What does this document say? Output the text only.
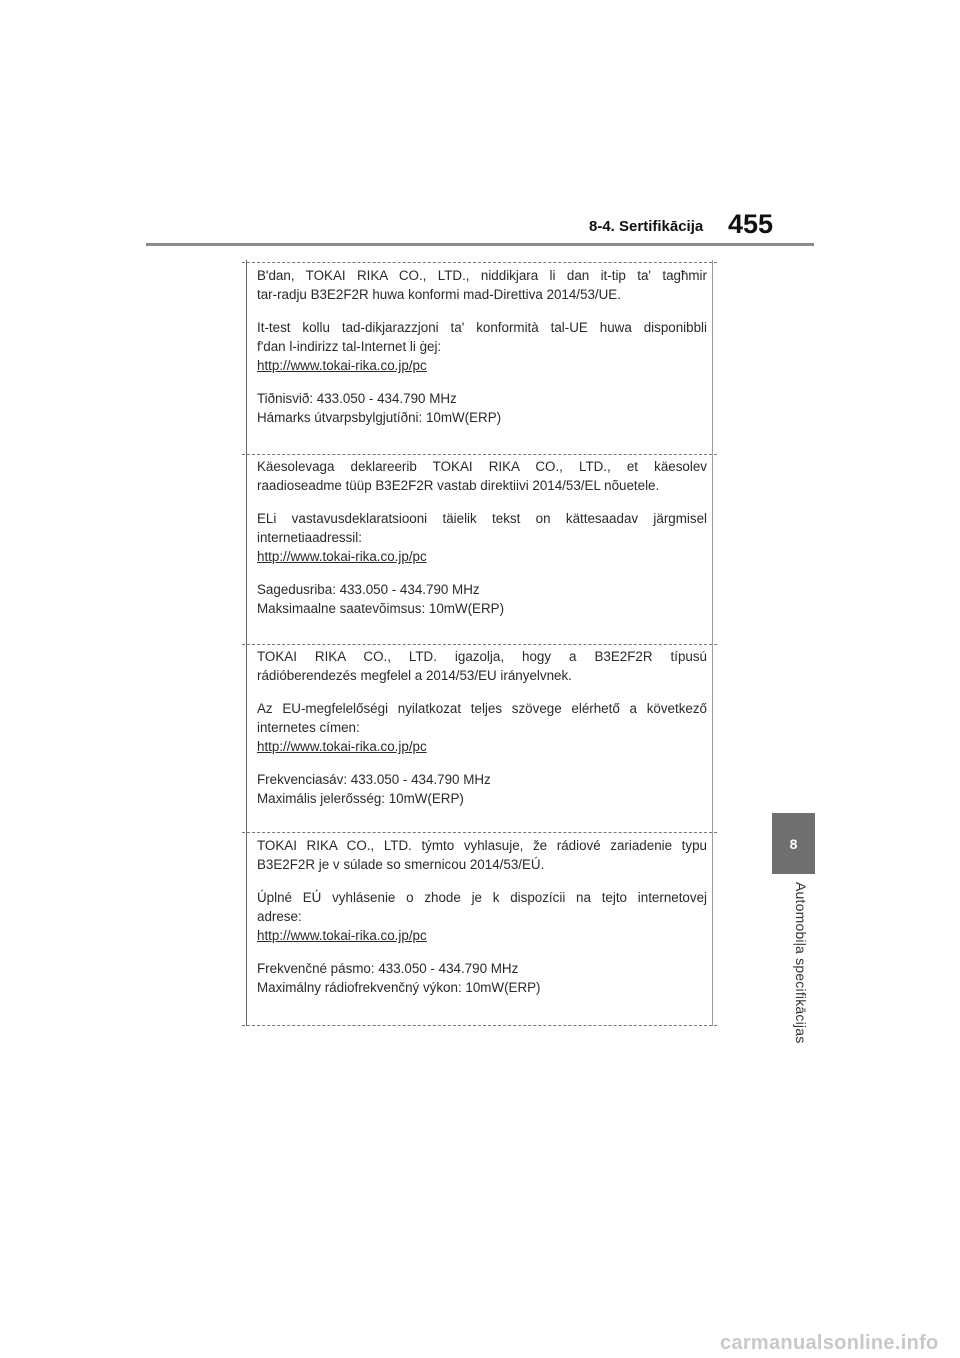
8-4. Sertifikācija 455
8
Automobiļa specifikācijas

B'dan, TOKAI RIKA CO., LTD., niddikjara li dan it-tip ta' tagħmir

tar-radju B3E2F2R huwa konformi mad-Direttiva 2014/53/UE.

It-test kollu tad-dikjarazzjoni ta' konformità tal-UE huwa disponibbli

f'dan l-indirizz tal-Internet li ġej:

http://www.tokai-rika.co.jp/pc

Tiðnisvið: 433.050 - 434.790 MHz

Hámarks útvarpsbylgjutíðni: 10mW(ERP)

Käesolevaga deklareerib TOKAI RIKA CO., LTD., et käesolev

raadioseadme tüüp B3E2F2R vastab direktiivi 2014/53/EL nõuetele.

ELi vastavusdeklaratsiooni täielik tekst on kättesaadav järgmisel

internetiaadressil:

http://www.tokai-rika.co.jp/pc

Sagedusriba: 433.050 - 434.790 MHz

Maksimaalne saatevõimsus: 10mW(ERP)

TOKAI RIKA CO., LTD. igazolja, hogy a B3E2F2R típusú

rádióberendezés megfelel a 2014/53/EU irányelvnek.

Az EU-megfelelőségi nyilatkozat teljes szövege elérhető a következő

internetes címen:

http://www.tokai-rika.co.jp/pc

Frekvenciasáv: 433.050 - 434.790 MHz

Maximális jelerősség: 10mW(ERP)

TOKAI RIKA CO., LTD. týmto vyhlasuje, že rádiové zariadenie typu

B3E2F2R je v súlade so smernicou 2014/53/EÚ.

Úplné EÚ vyhlásenie o zhode je k dispozícii na tejto internetovej

adrese:

http://www.tokai-rika.co.jp/pc

Frekvenčné pásmo: 433.050 - 434.790 MHz

Maximálny rádiofrekvenčný výkon: 10mW(ERP)

carmanualsonline.info
